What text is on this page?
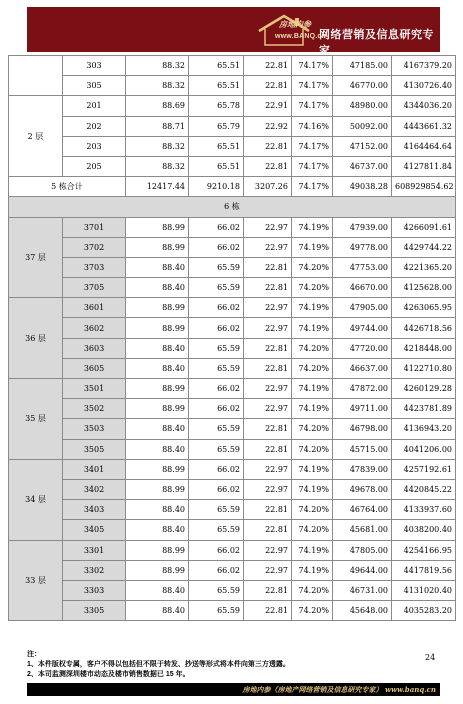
房地内参
www.BANQ.cn
网络营销及信息研究专家
	303	88.32	65.51	22.81	74.17%	47185.00	4167379.20
	305	88.32	65.51	22.81	74.17%	46770.00	4130726.40
2 层	201	88.69	65.78	22.91	74.17%	48980.00	4344036.20
	202	88.71	65.79	22.92	74.16%	50092.00	4443661.32
	203	88.32	65.51	22.81	74.17%	47152.00	4164464.64
	205	88.32	65.51	22.81	74.17%	46737.00	4127811.84
5 栋合计		12417.44	9210.18	3207.26	74.17%	49038.28	608929854.62
6 栋							
37 层	3701	88.99	66.02	22.97	74.19%	47939.00	4266091.61
	3702	88.99	66.02	22.97	74.19%	49778.00	4429744.22
	3703	88.40	65.59	22.81	74.20%	47753.00	4221365.20
	3705	88.40	65.59	22.81	74.20%	46670.00	4125628.00
36 层	3601	88.99	66.02	22.97	74.19%	47905.00	4263065.95
	3602	88.99	66.02	22.97	74.19%	49744.00	4426718.56
	3603	88.40	65.59	22.81	74.20%	47720.00	4218448.00
	3605	88.40	65.59	22.81	74.20%	46637.00	4122710.80
35 层	3501	88.99	66.02	22.97	74.19%	47872.00	4260129.28
	3502	88.99	66.02	22.97	74.19%	49711.00	4423781.89
	3503	88.40	65.59	22.81	74.20%	46798.00	4136943.20
	3505	88.40	65.59	22.81	74.20%	45715.00	4041206.00
34 层	3401	88.99	66.02	22.97	74.19%	47839.00	4257192.61
	3402	88.99	66.02	22.97	74.19%	49678.00	4420845.22
	3403	88.40	65.59	22.81	74.20%	46764.00	4133937.60
	3405	88.40	65.59	22.81	74.20%	45681.00	4038200.40
33 层	3301	88.99	66.02	22.97	74.19%	47805.00	4254166.95
	3302	88.99	66.02	22.97	74.19%	49644.00	4417819.56
	3303	88.40	65.59	22.81	74.20%	46731.00	4131020.40
	3305	88.40	65.59	22.81	74.20%	45648.00	4035283.20
注：
1、本件版权专属，客户不得以包括但不限于转发、抄送等形式将本件向第三方透露。
2、本司监测深圳楼市动态及楼市销售数据已 15 年。
24
房地内参（房地产网络营销及信息研究专家） www.banq.cn
